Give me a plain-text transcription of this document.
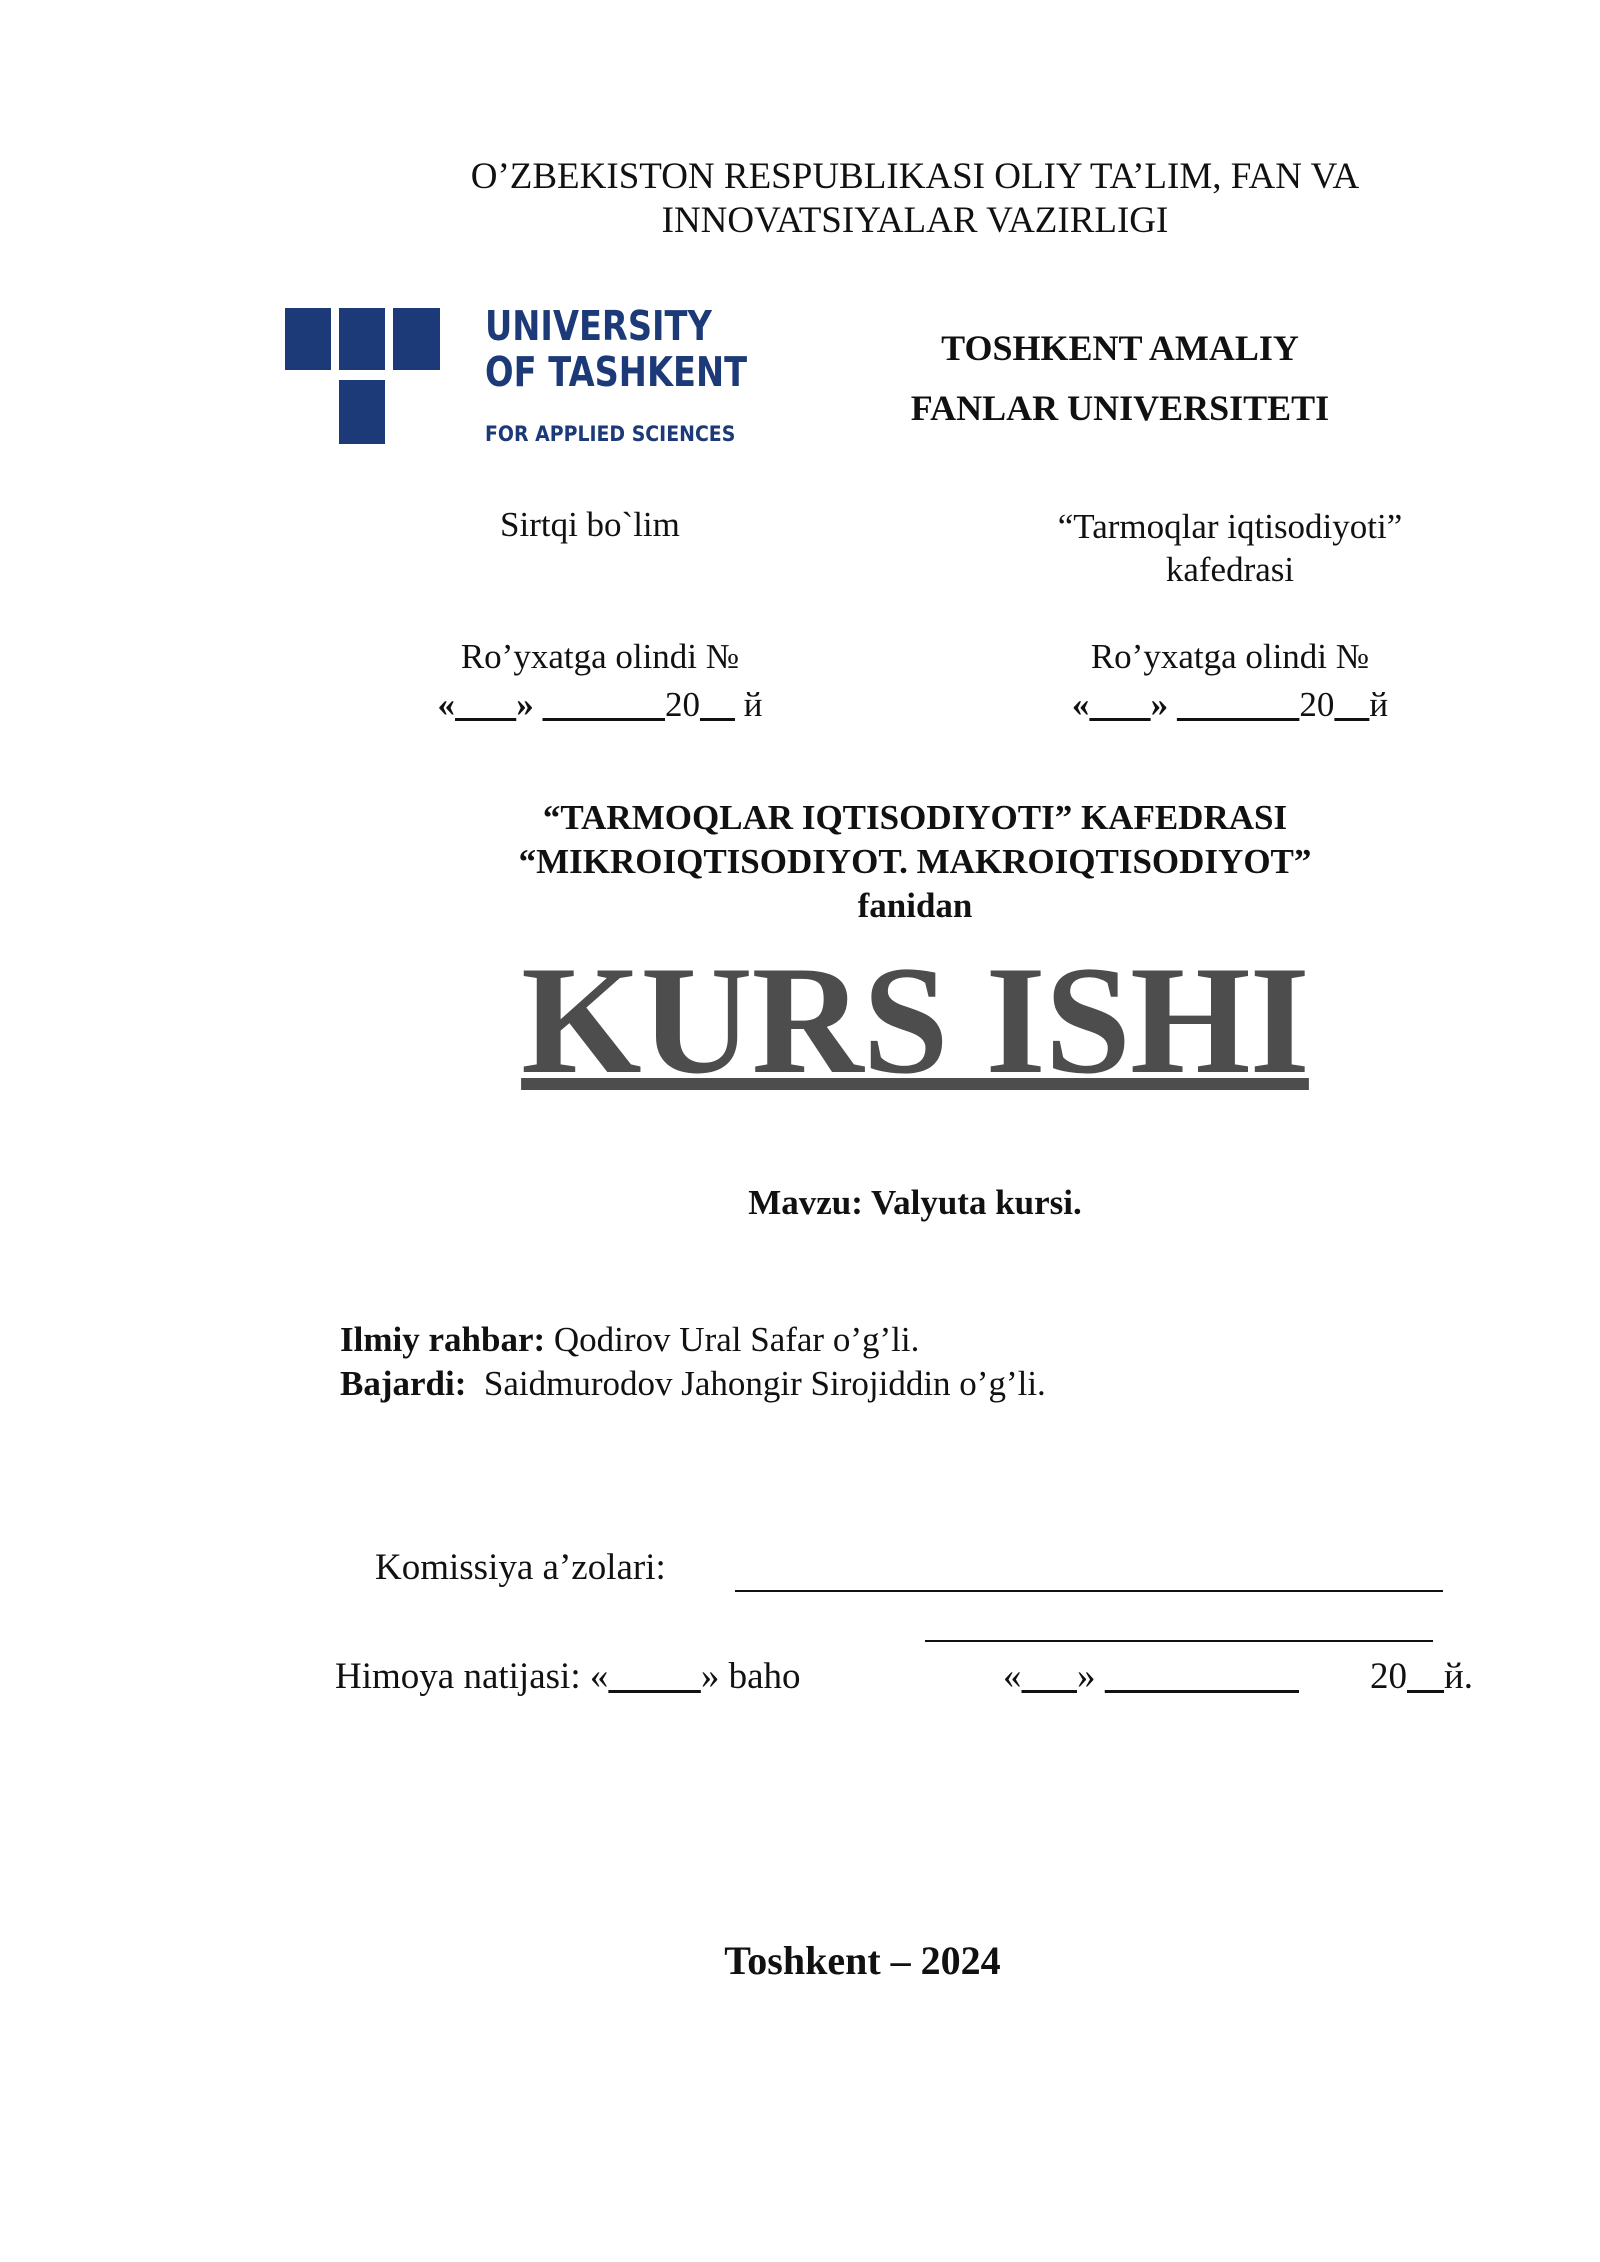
O’ZBEKISTON RESPUBLIKASI OLIY TA’LIM, FAN VA
INNOVATSIYALAR VAZIRLIGI
UNIVERSITY
OF TASHKENT
FOR APPLIED SCIENCES
TOSHKENT AMALIY
FANLAR UNIVERSITETI
Sirtqi bo`lim	“Tarmoqlar iqtisodiyoti”
kafedrasi
Ro’yxatga olindi №
« »	20 й
Ro’yxatga olindi №
« »	20 й
“TARMOQLAR IQTISODIYOTI” KAFEDRASI
“MIKROIQTISODIYOT. MAKROIQTISODIYOT”
fanidan
KURS ISHI
Mavzu: Valyuta kursi.
Ilmiy rahbar: Qodirov Ural Safar o’g’li.
Bajardi: Saidmurodov Jahongir Sirojiddin o’g’li.
Komissiya a’zolari:
Himoya natijasi: «	» baho	« »	20 й.
Toshkent – 2024
